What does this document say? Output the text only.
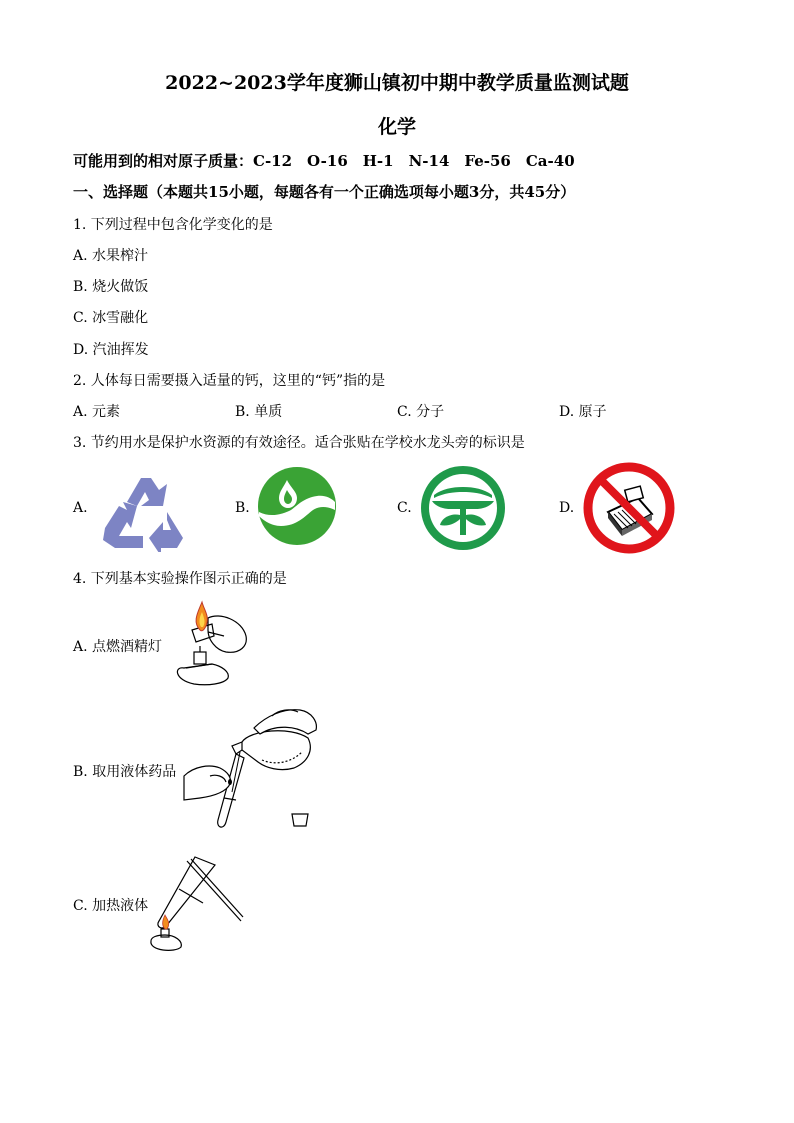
2022~2023学年度狮山镇初中期中教学质量监测试题
化学
可能用到的相对原子质量：C-12　O-16　H-1　N-14　Fe-56　Ca-40
一、选择题（本题共15小题，每题各有一个正确选项每小题3分，共45分）
1. 下列过程中包含化学变化的是
A. 水果榨汁
B. 烧火做饭
C. 冰雪融化
D. 汽油挥发
2. 人体每日需要摄入适量的钙，这里的“钙”指的是
A. 元素	B. 单质	C. 分子	D. 原子
3. 节约用水是保护水资源的有效途径。适合张贴在学校水龙头旁的标识是
A.	B.	C.	D.
4. 下列基本实验操作图示正确的是
A. 点燃酒精灯
B. 取用液体药品
C. 加热液体
